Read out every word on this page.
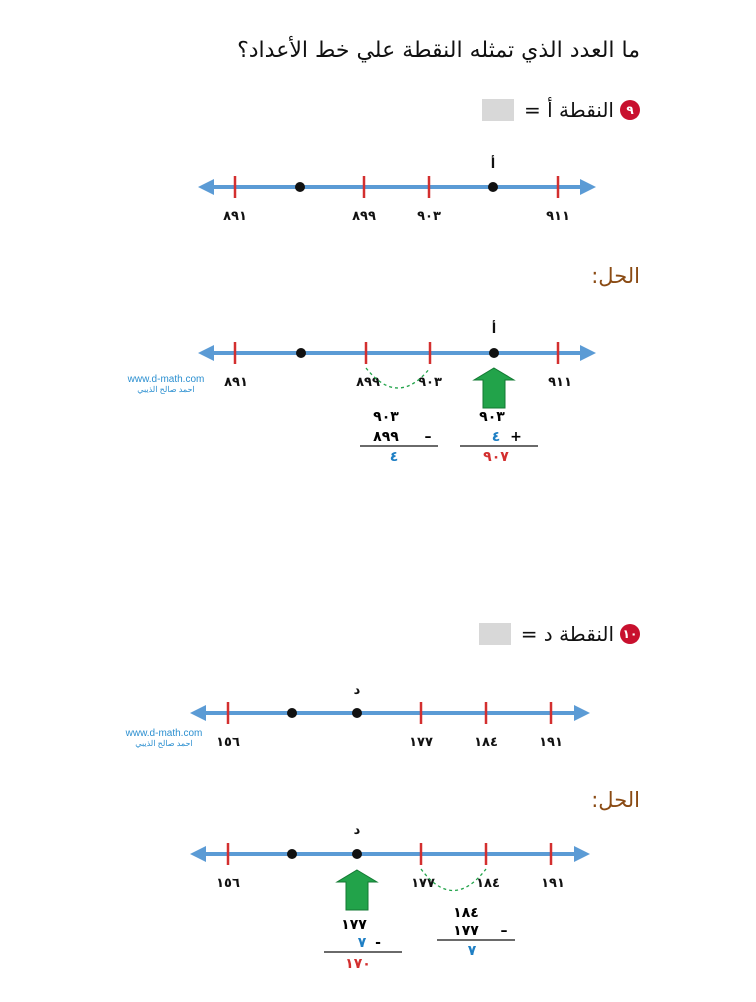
ما العدد الذي تمثله النقطة علي خط الأعداد؟
٩
النقطة أ =
الحل:
١٠
النقطة د =
الحل:
أ
٨٩١	٨٩٩	٩٠٣	٩١١
أ
٨٩١	٨٩٩	٩٠٣	٩١١
www.d-math.com
احمد صالح الذيبي
٩٠٣
٨٩٩ –
٤
٩٠٣
٤ +
٩٠٧
د
١٥٦	١٧٧	١٨٤	١٩١
www.d-math.com
احمد صالح الذيبي
د
١٥٦	١٧٧	١٨٤	١٩١
١٨٤
١٧٧ –
٧
١٧٧
٧ -
١٧٠
